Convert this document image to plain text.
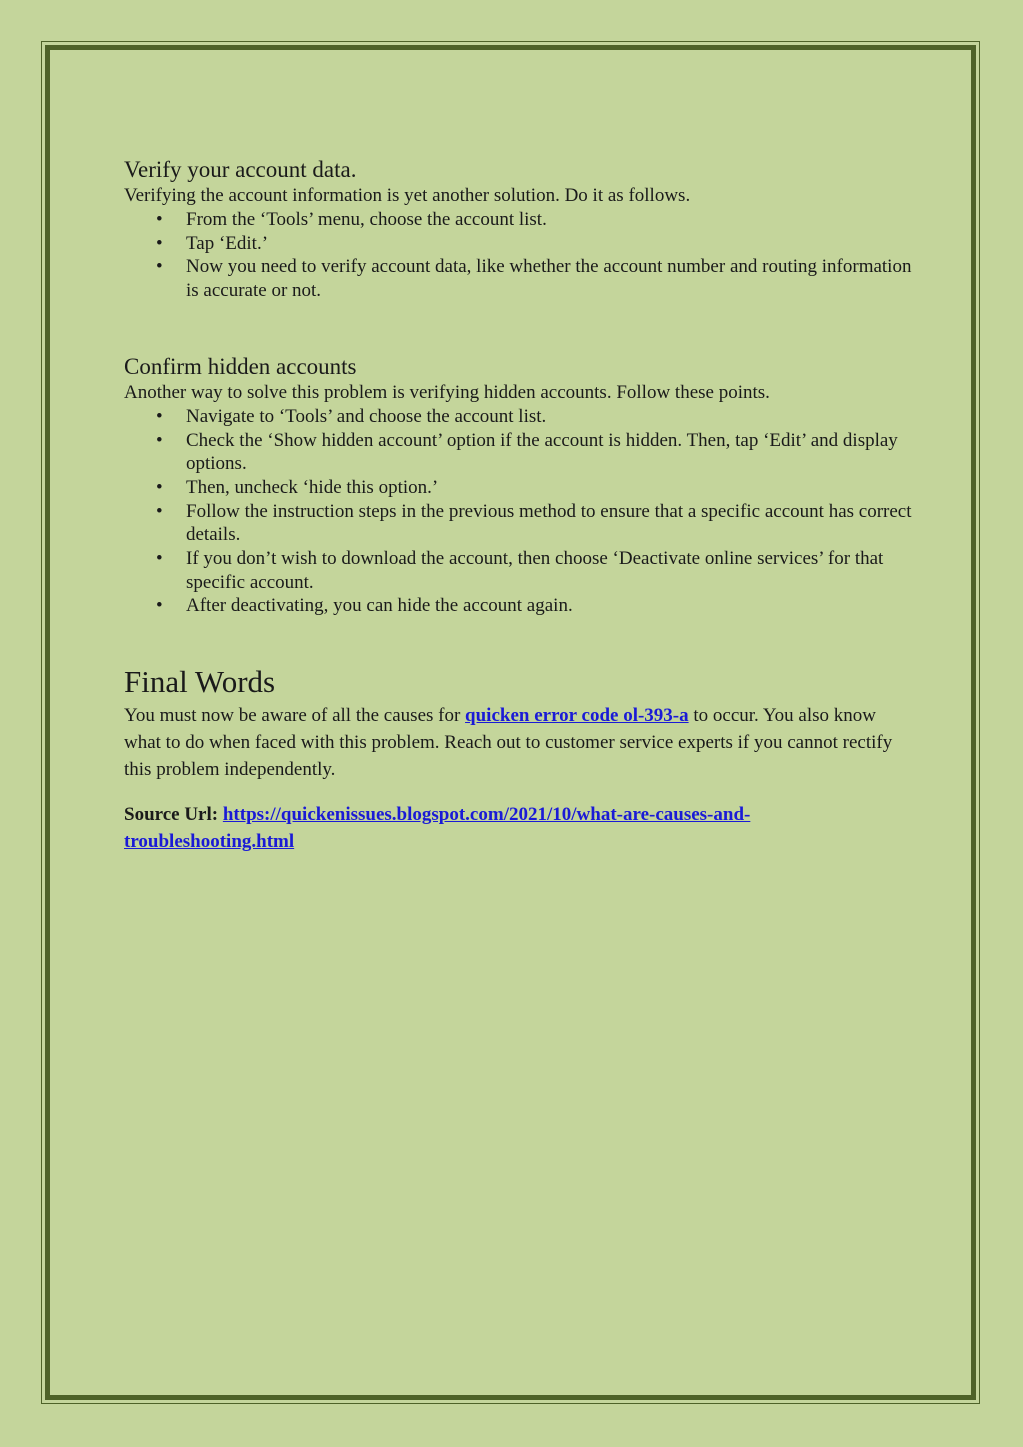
Verify your account data.

Verifying the account information is yet another solution. Do it as follows.

• From the ‘Tools’ menu, choose the account list.
• Tap ‘Edit.’
• Now you need to verify account data, like whether the account number and routing information is accurate or not.
Confirm hidden accounts

Another way to solve this problem is verifying hidden accounts. Follow these points.

• Navigate to ‘Tools’ and choose the account list.
• Check the ‘Show hidden account’ option if the account is hidden. Then, tap ‘Edit’ and display options.
• Then, uncheck ‘hide this option.’
• Follow the instruction steps in the previous method to ensure that a specific account has correct details.
• If you don’t wish to download the account, then choose ‘Deactivate online services’ for that specific account.
• After deactivating, you can hide the account again.
Final Words

You must now be aware of all the causes for quicken error code ol-393-a to occur. You also know what to do when faced with this problem. Reach out to customer service experts if you cannot rectify this problem independently.

Source Url: https://quickenissues.blogspot.com/2021/10/what-are-causes-and-troubleshooting.html
